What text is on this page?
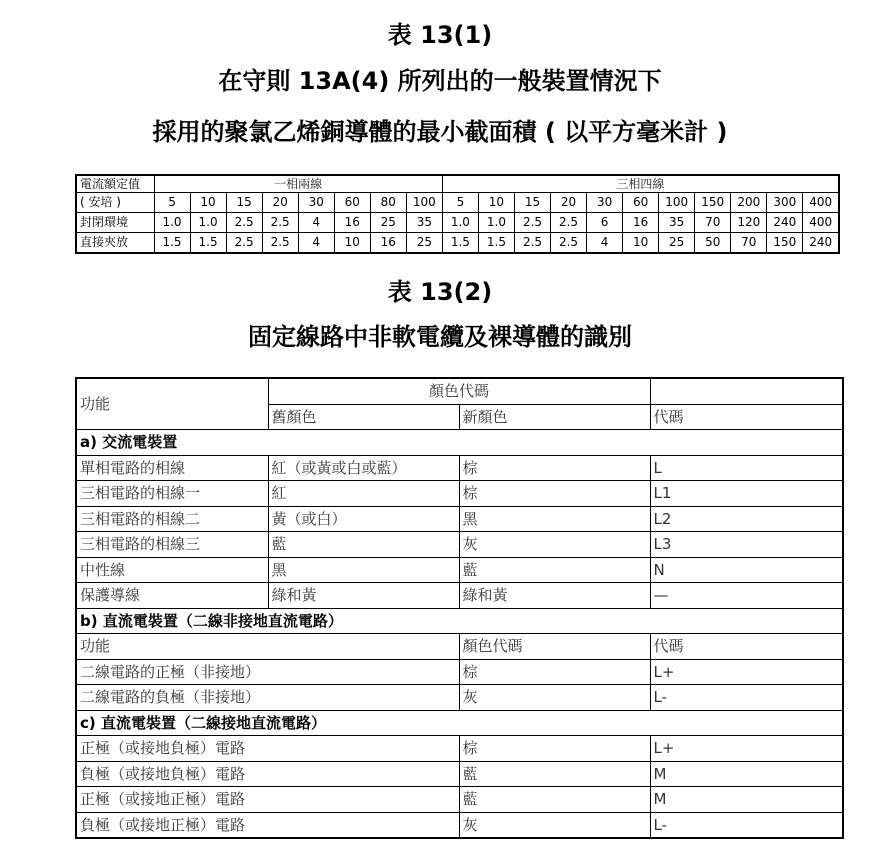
表 13(1)
在守則 13A(4) 所列出的一般裝置情況下
採用的聚氯乙烯銅導體的最小截面積 ( 以平方毫米計 )
電流額定值	一相兩線								三相四線										
( 安培 )	5	10	15	20	30	60	80	100	5	10	15	20	30	60	100	150	200	300	400
封閉環境	1.0	1.0	2.5	2.5	4	16	25	35	1.0	1.0	2.5	2.5	6	16	35	70	120	240	400
直接夾放	1.5	1.5	2.5	2.5	4	10	16	25	1.5	1.5	2.5	2.5	4	10	25	50	70	150	240
表 13(2)
固定線路中非軟電纜及裸導體的識別
功能	顏色代碼		
	舊顏色	新顏色	代碼
a) 交流電裝置			
單相電路的相線	紅（或黃或白或藍）	棕	L
三相電路的相線一	紅	棕	L1
三相電路的相線二	黃（或白）	黑	L2
三相電路的相線三	藍	灰	L3
中性線	黑	藍	N
保護導線	綠和黃	綠和黃	—
b) 直流電裝置（二線非接地直流電路）			
功能		顏色代碼	代碼
二線電路的正極（非接地）		棕	L+
二線電路的負極（非接地）		灰	L-
c) 直流電裝置（二線接地直流電路）			
正極（或接地負極）電路		棕	L+
負極（或接地負極）電路		藍	M
正極（或接地正極）電路		藍	M
負極（或接地正極）電路		灰	L-
